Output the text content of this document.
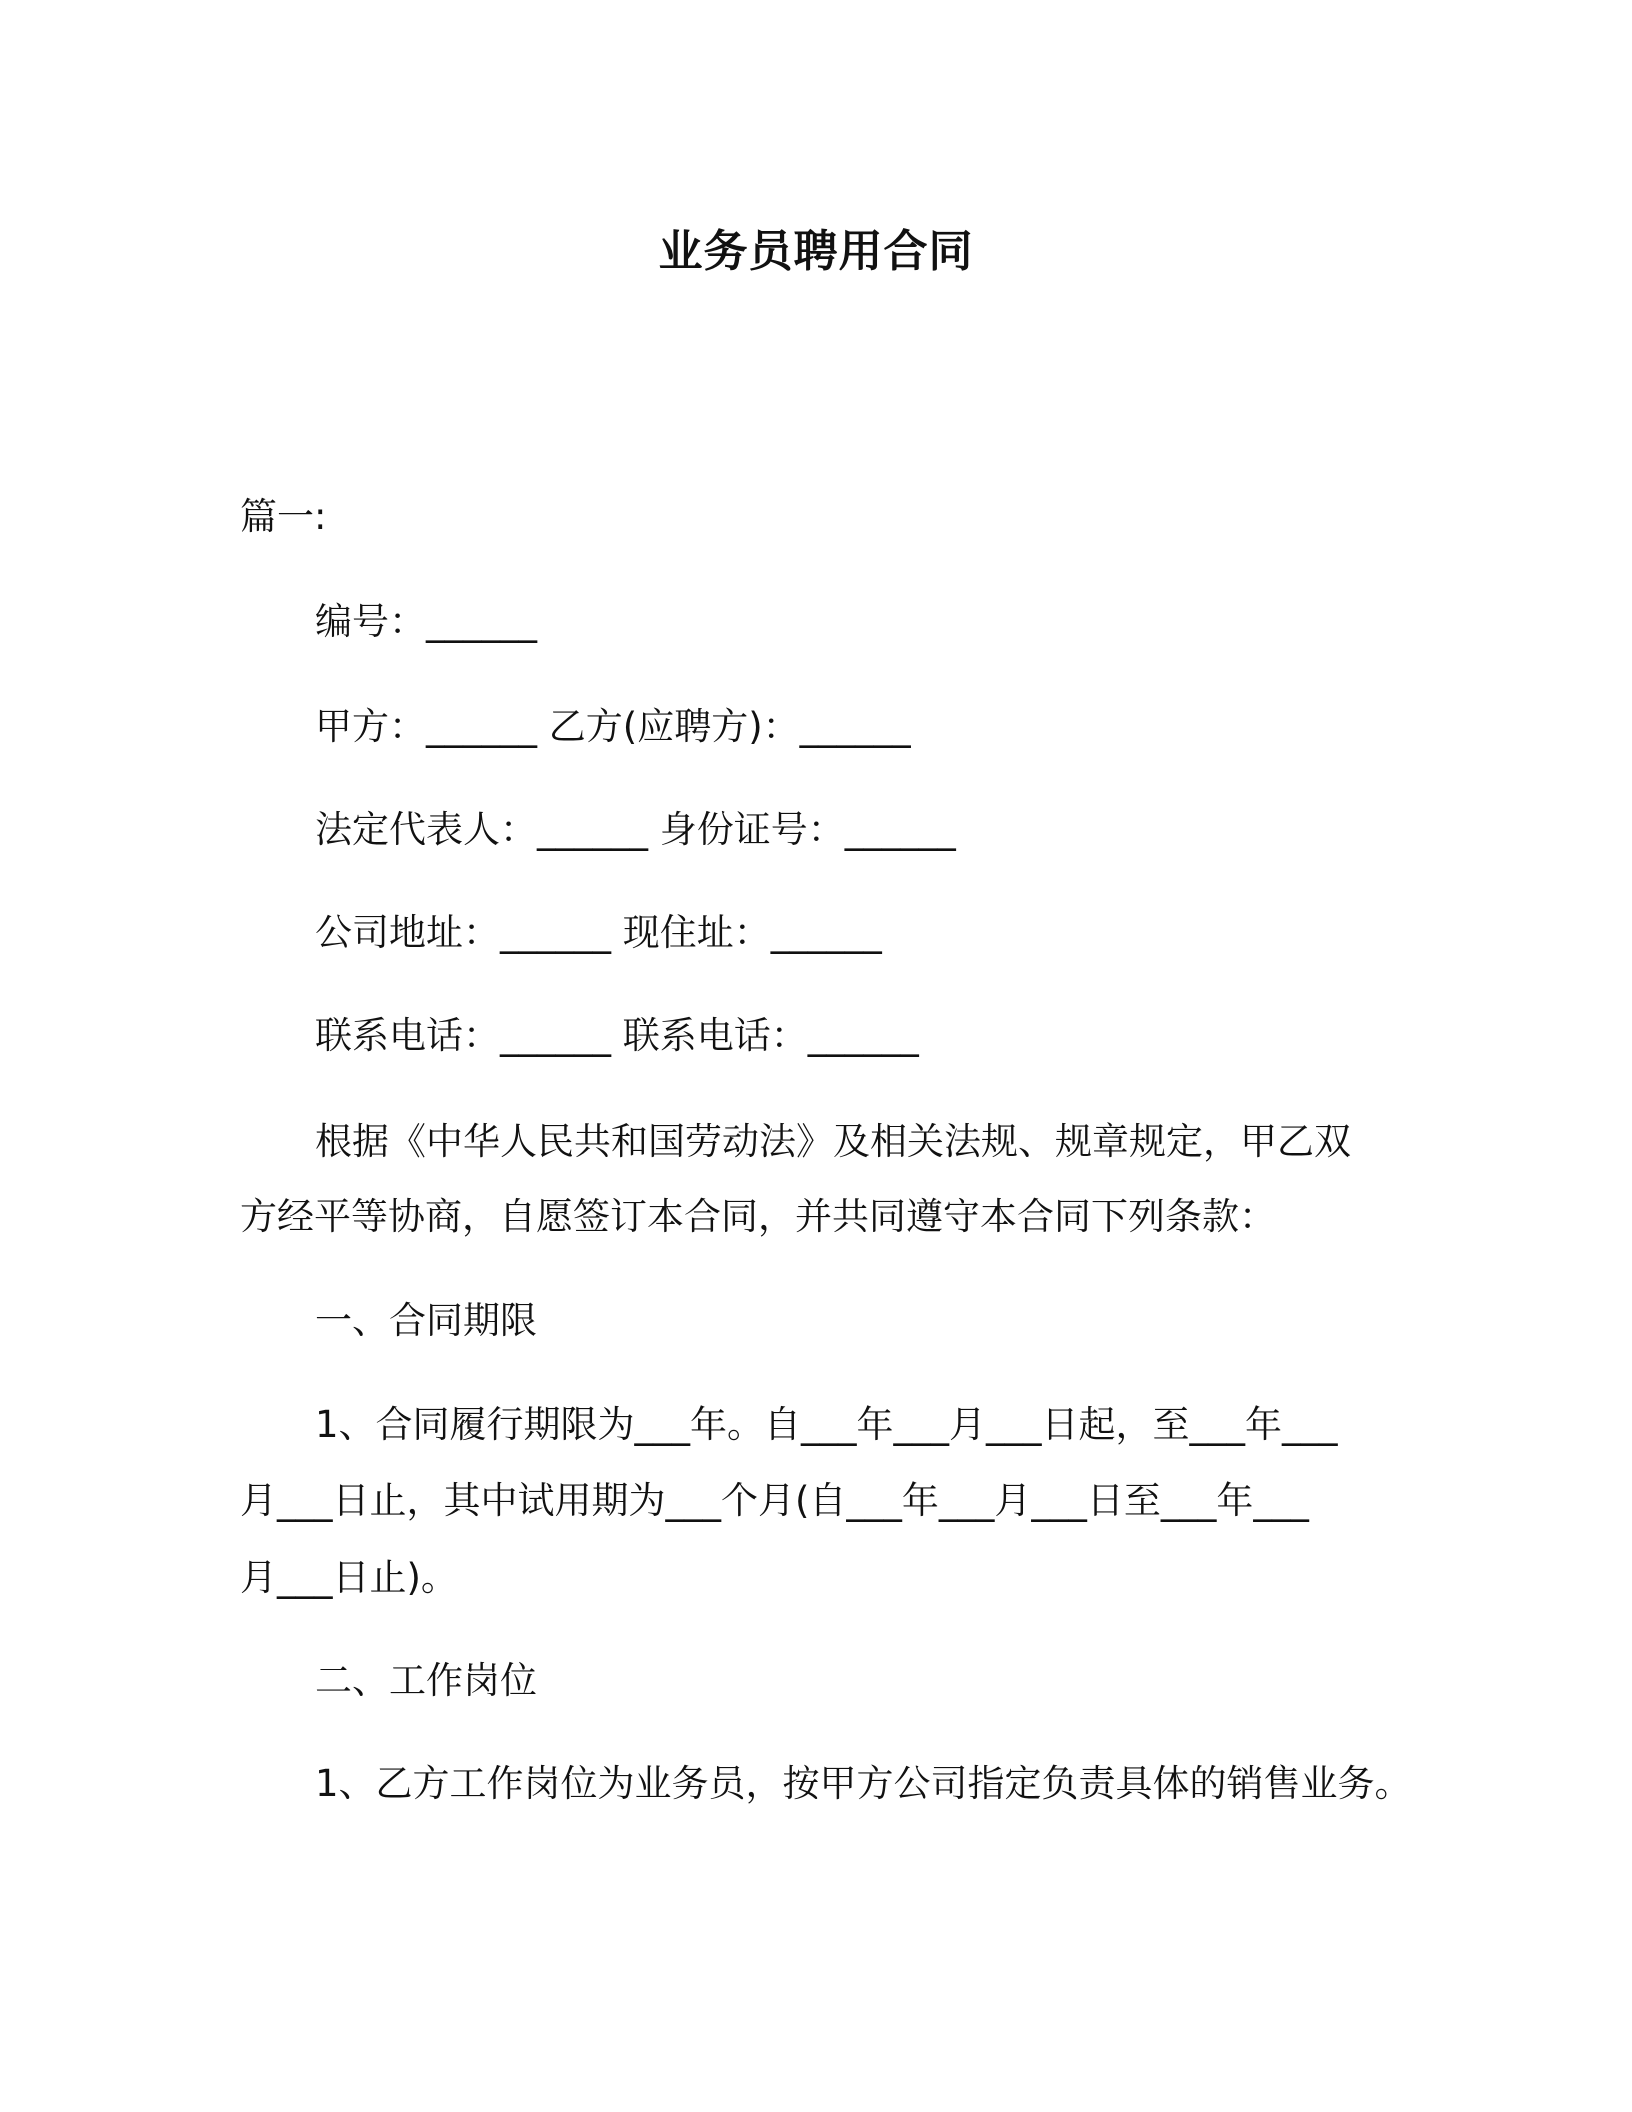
业务员聘用合同
篇一:
编号：______
甲方：______ 乙方(应聘方)：______
法定代表人：______ 身份证号：______
公司地址：______ 现住址：______
联系电话：______ 联系电话：______
根据《中华人民共和国劳动法》及相关法规、规章规定，甲乙双
方经平等协商，自愿签订本合同，并共同遵守本合同下列条款：
一、合同期限
1、合同履行期限为___年。自___年___月___日起，至___年___
月___日止，其中试用期为___个月(自___年___月___日至___年___
月___日止)。
二、工作岗位
1、乙方工作岗位为业务员，按甲方公司指定负责具体的销售业务。
